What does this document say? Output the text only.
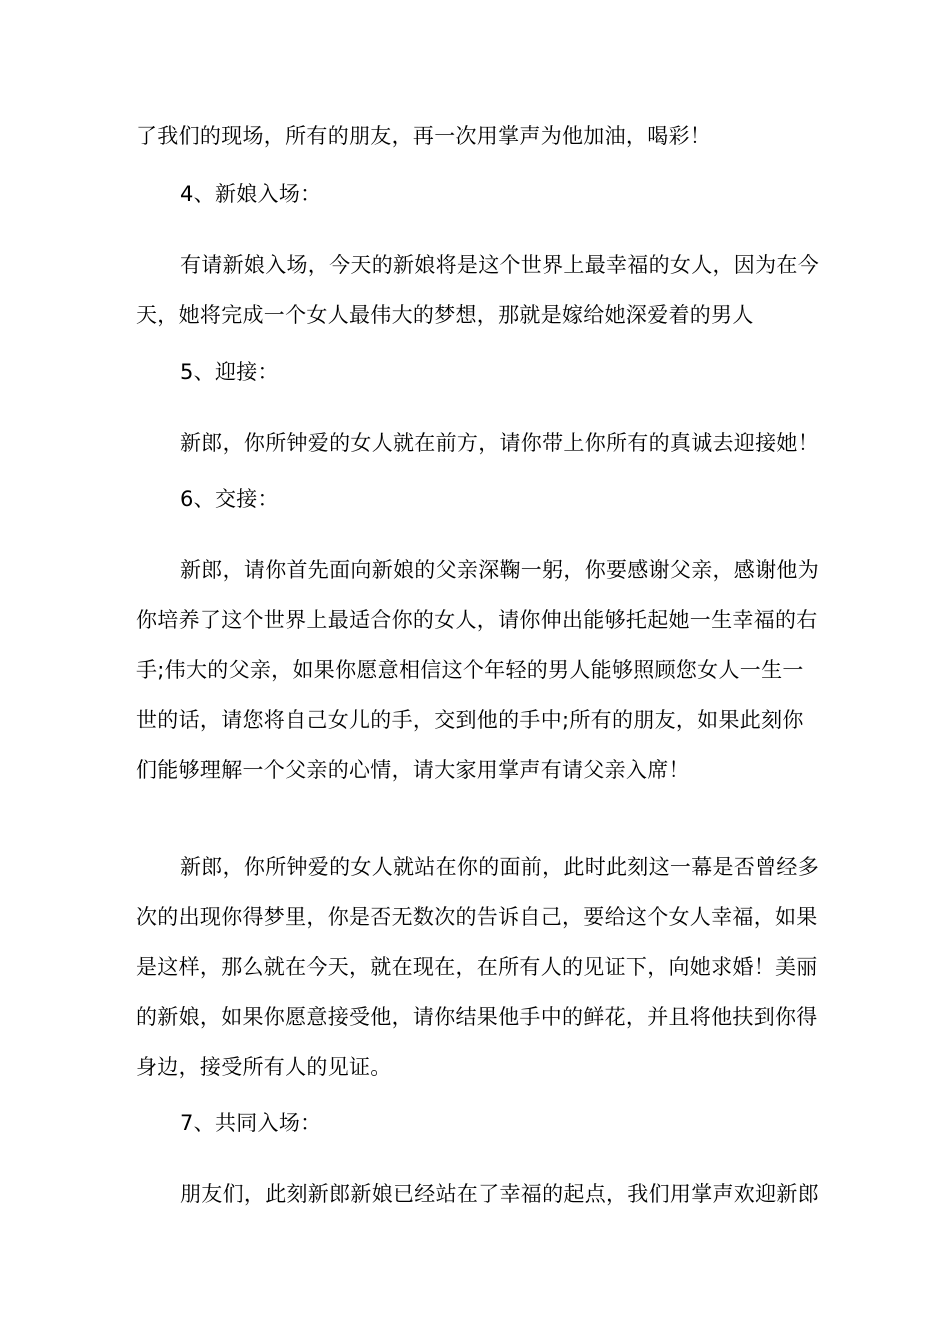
了我们的现场，所有的朋友，再一次用掌声为他加油，喝彩！
4、新娘入场：
有请新娘入场，今天的新娘将是这个世界上最幸福的女人，因为在今
天，她将完成一个女人最伟大的梦想，那就是嫁给她深爱着的男人
5、迎接：
新郎，你所钟爱的女人就在前方，请你带上你所有的真诚去迎接她！
6、交接：
新郎，请你首先面向新娘的父亲深鞠一躬，你要感谢父亲，感谢他为
你培养了这个世界上最适合你的女人，请你伸出能够托起她一生幸福的右
手;伟大的父亲，如果你愿意相信这个年轻的男人能够照顾您女人一生一
世的话，请您将自己女儿的手，交到他的手中;所有的朋友，如果此刻你
们能够理解一个父亲的心情，请大家用掌声有请父亲入席！
新郎，你所钟爱的女人就站在你的面前，此时此刻这一幕是否曾经多
次的出现你得梦里，你是否无数次的告诉自己，要给这个女人幸福，如果
是这样，那么就在今天，就在现在，在所有人的见证下，向她求婚！美丽
的新娘，如果你愿意接受他，请你结果他手中的鲜花，并且将他扶到你得
身边，接受所有人的见证。
7、共同入场：
朋友们，此刻新郎新娘已经站在了幸福的起点，我们用掌声欢迎新郎
